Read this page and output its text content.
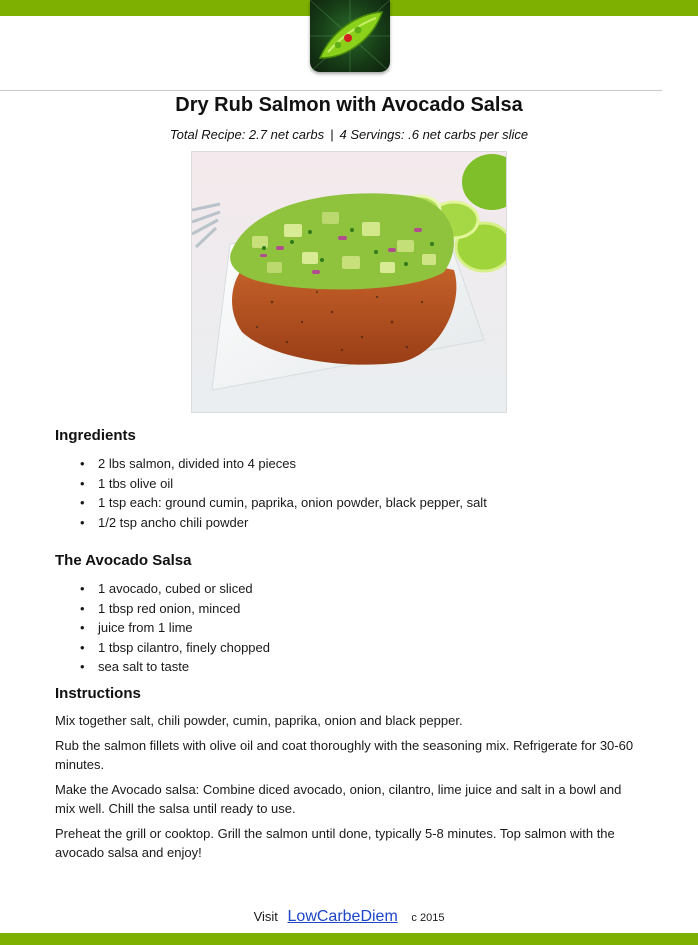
Dry Rub Salmon with Avocado Salsa
Total Recipe: 2.7 net carbs | 4 Servings: .6 net carbs per slice
Ingredients
• 2 lbs salmon, divided into 4 pieces
• 1 tbs olive oil
• 1 tsp each: ground cumin, paprika, onion powder, black pepper, salt
• 1/2 tsp ancho chili powder
The Avocado Salsa
• 1 avocado, cubed or sliced
• 1 tbsp red onion, minced
• juice from 1 lime
• 1 tbsp cilantro, finely chopped
• sea salt to taste
Instructions

Mix together salt, chili powder, cumin, paprika, onion and black pepper.

Rub the salmon fillets with olive oil and coat thoroughly with the seasoning mix. Refrigerate for 30-60 minutes.

Make the Avocado salsa: Combine diced avocado, onion, cilantro, lime juice and salt in a bowl and mix well. Chill the salsa until ready to use.

Preheat the grill or cooktop. Grill the salmon until done, typically 5-8 minutes. Top salmon with the avocado salsa and enjoy!

Visit LowCarbeDiem c 2015
